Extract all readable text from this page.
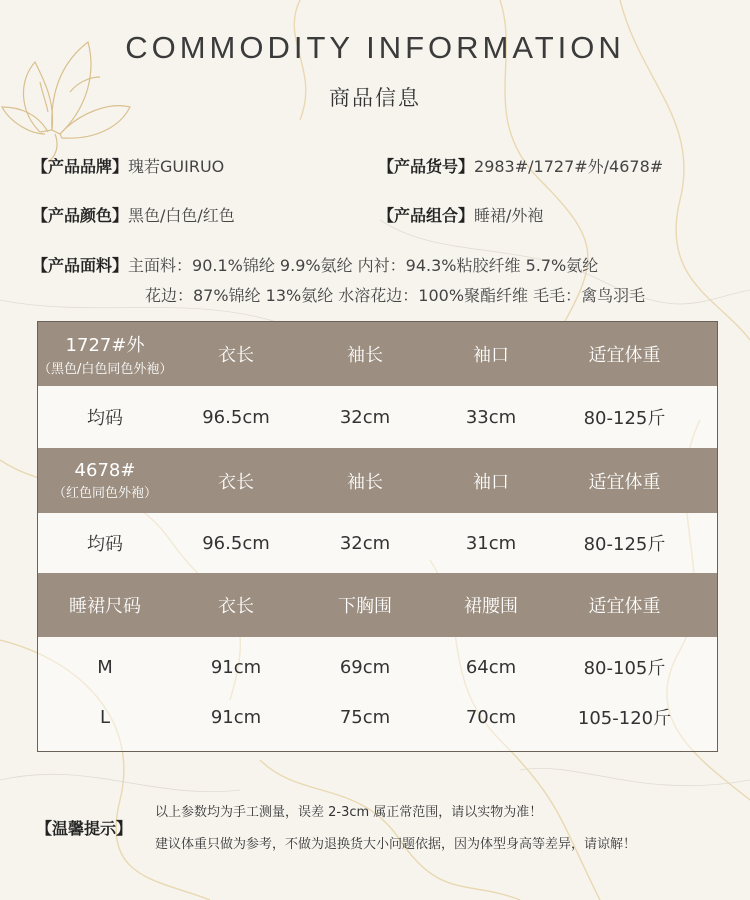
COMMODITY INFORMATION
商品信息
【产品品牌】瑰若GUIRUO	【产品货号】2983#/1727#外/4678#
【产品颜色】黑色/白色/红色	【产品组合】睡裙/外袍
【产品面料】主面料：90.1%锦纶 9.9%氨纶 内衬：94.3%粘胶纤维 5.7%氨纶
花边：87%锦纶 13%氨纶 水溶花边：100%聚酯纤维 毛毛：禽鸟羽毛
1727#外
（黑色/白色同色外袍）
衣长	袖长	袖口	适宜体重
均码	96.5cm	32cm	33cm	80-125斤
4678#
（红色同色外袍）
衣长	袖长	袖口	适宜体重
均码	96.5cm	32cm	31cm	80-125斤
睡裙尺码	衣长	下胸围	裙腰围	适宜体重
M	91cm	69cm	64cm	80-105斤
L	91cm	75cm	70cm	105-120斤
【温馨提示】
以上参数均为手工测量，误差 2-3cm 属正常范围，请以实物为准！
建议体重只做为参考，不做为退换货大小问题依据，因为体型身高等差异，请谅解！
